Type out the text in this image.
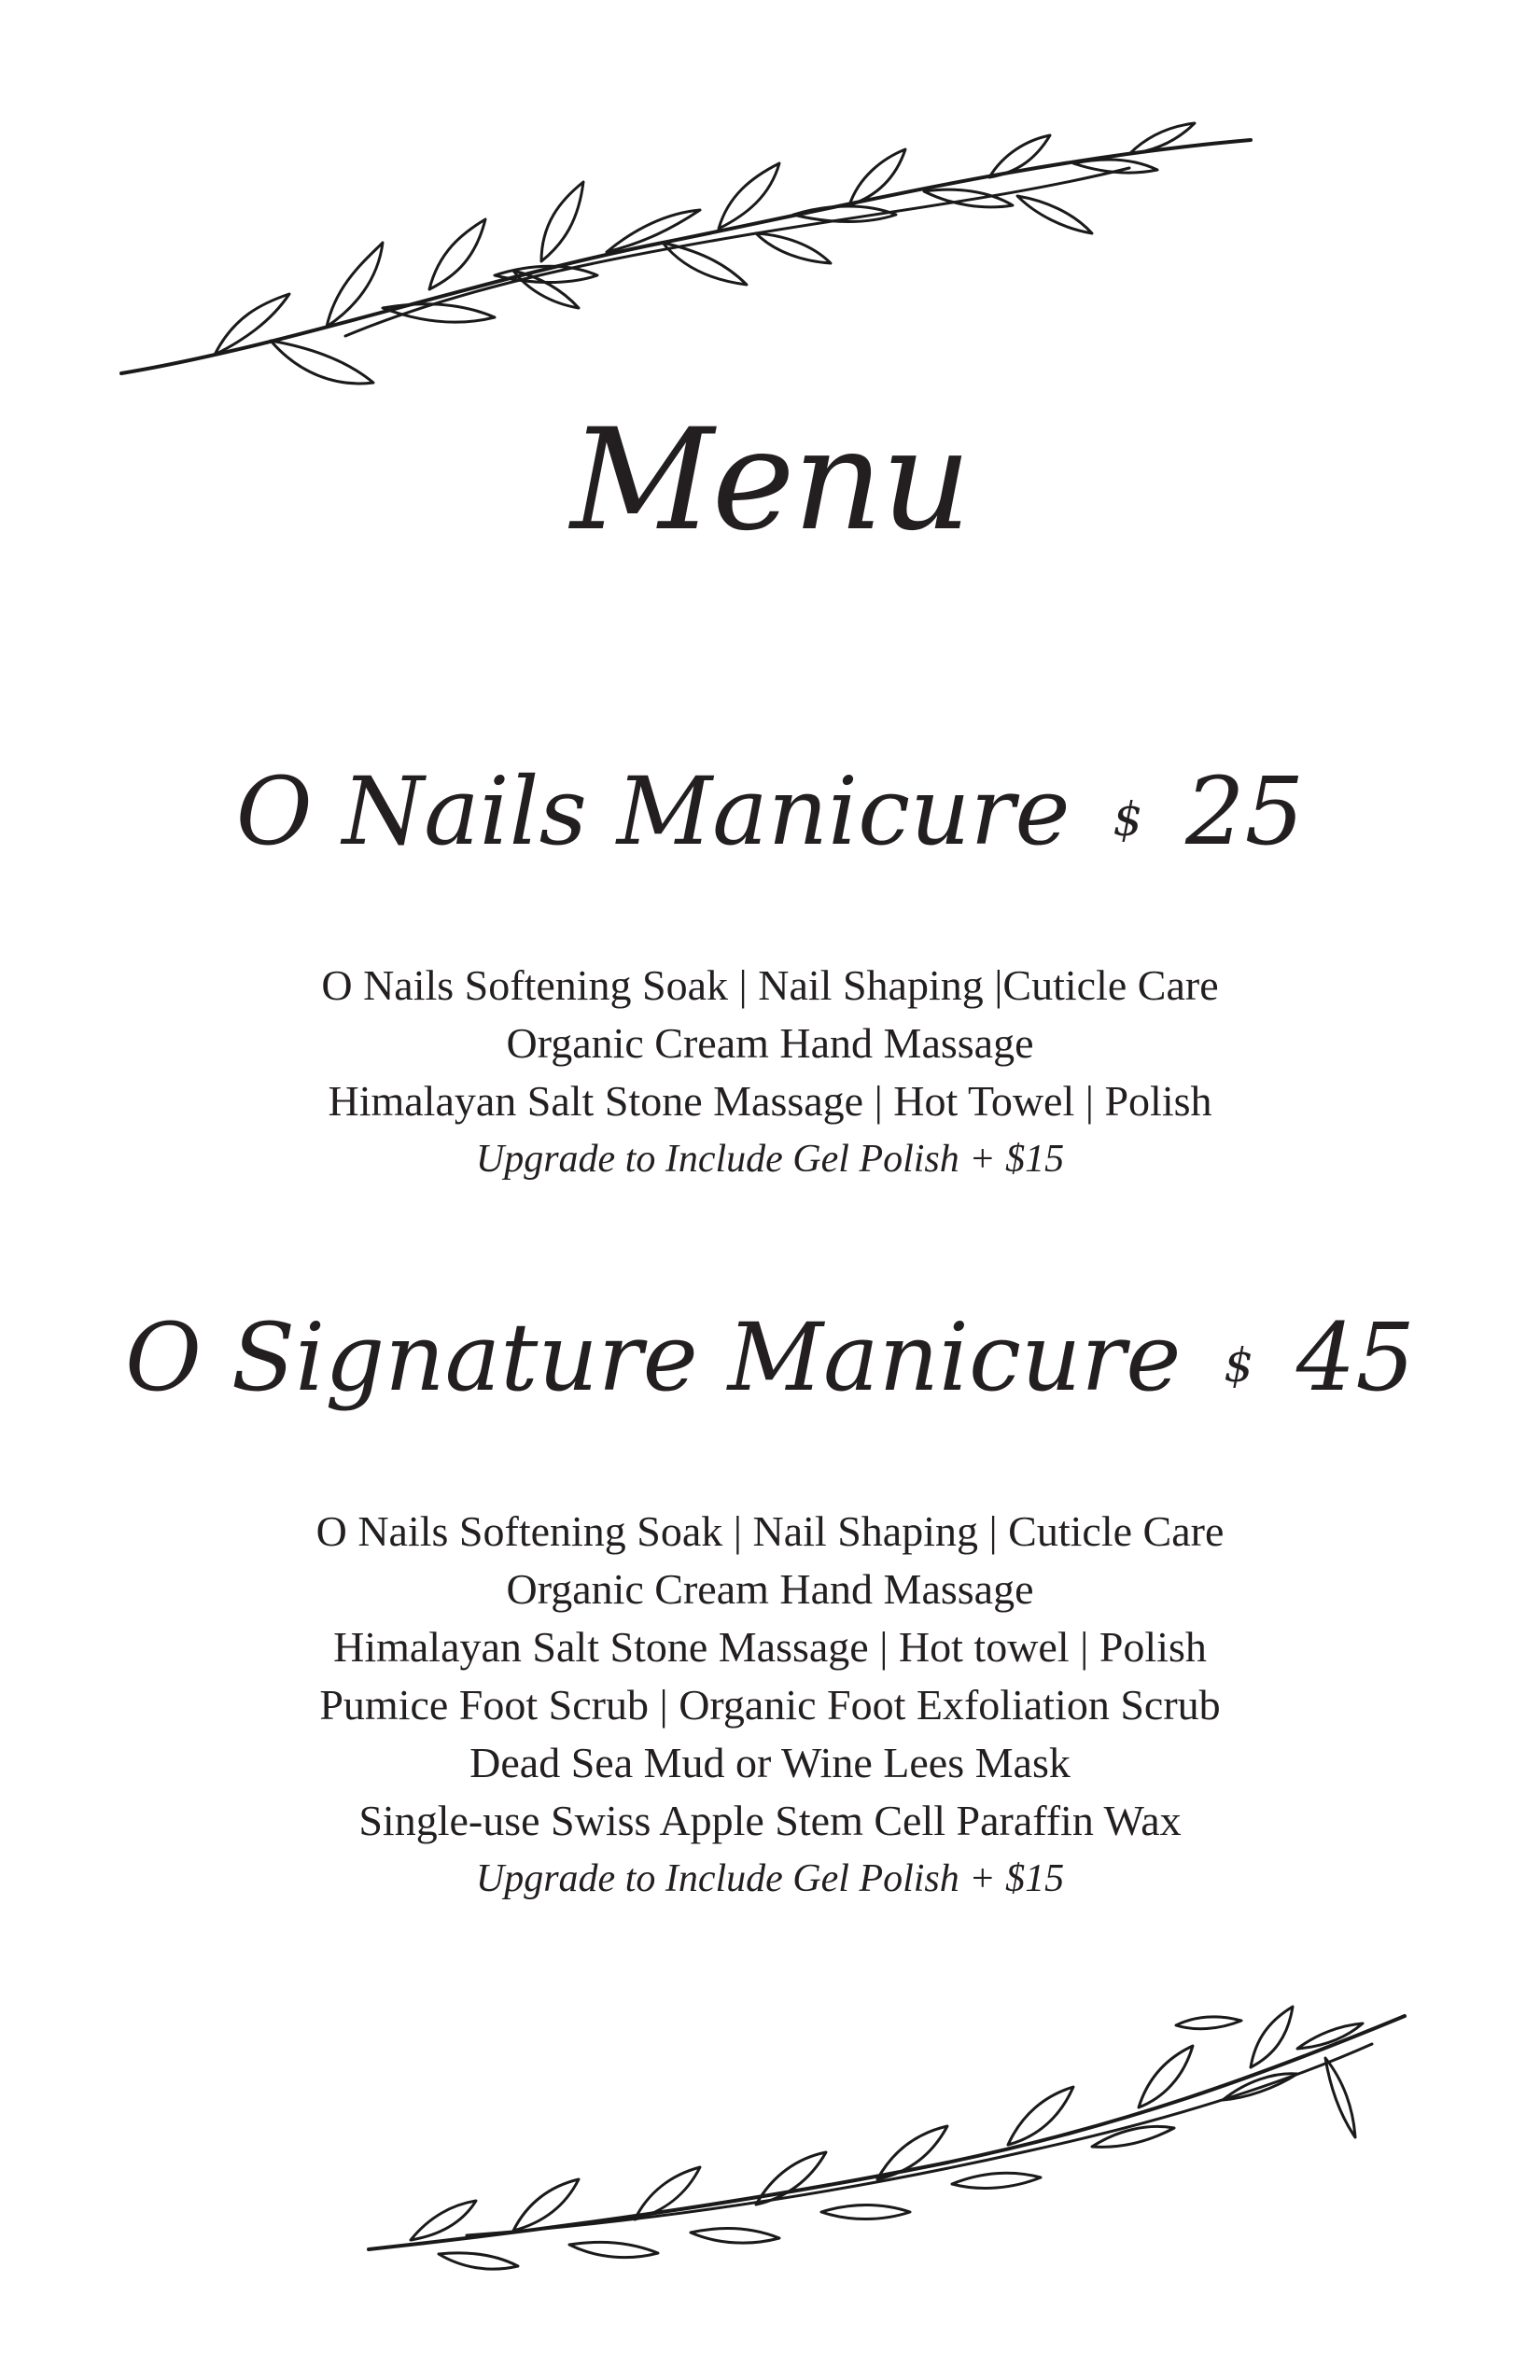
Menu
O Nails Manicure $ 25
O Nails Softening Soak | Nail Shaping |Cuticle Care
Organic Cream Hand Massage
Himalayan Salt Stone Massage | Hot Towel | Polish
Upgrade to Include Gel Polish + $15
O Signature Manicure $ 45
O Nails Softening Soak | Nail Shaping | Cuticle Care
Organic Cream Hand Massage
Himalayan Salt Stone Massage | Hot towel | Polish
Pumice Foot Scrub | Organic Foot Exfoliation Scrub
Dead Sea Mud or Wine Lees Mask
Single-use Swiss Apple Stem Cell Paraffin Wax
Upgrade to Include Gel Polish + $15
